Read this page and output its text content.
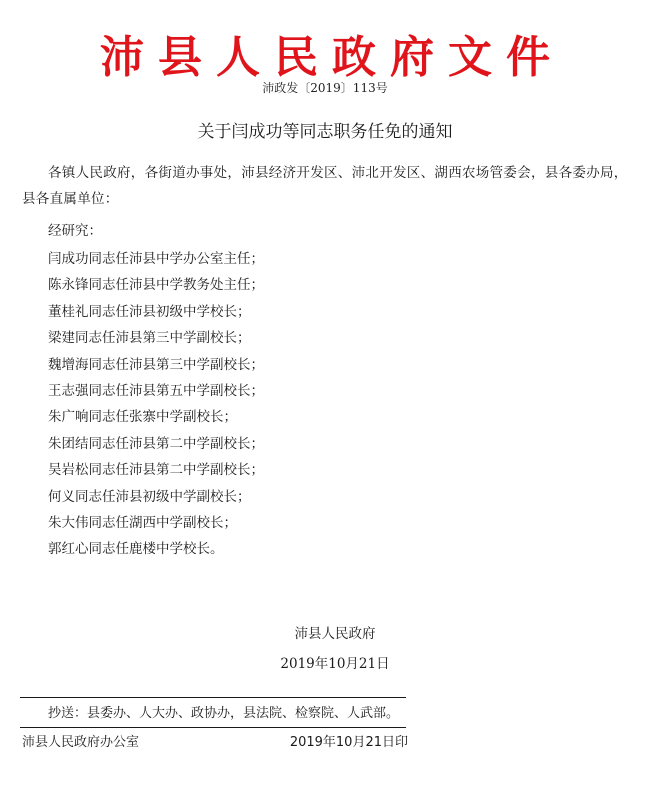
沛县人民政府文件
沛政发〔2019〕113号
关于闫成功等同志职务任免的通知

各镇人民政府，各街道办事处，沛县经济开发区、沛北开发区、湖西农场管委会，县各委办局，县各直属单位：

经研究：
闫成功同志任沛县中学办公室主任；
陈永锋同志任沛县中学教务处主任；
董桂礼同志任沛县初级中学校长；
梁建同志任沛县第三中学副校长；
魏增海同志任沛县第三中学副校长；
王志强同志任沛县第五中学副校长；
朱广响同志任张寨中学副校长；
朱团结同志任沛县第二中学副校长；
吴岩松同志任沛县第二中学副校长；
何义同志任沛县初级中学副校长；
朱大伟同志任湖西中学副校长；
郭红心同志任鹿楼中学校长。
沛县人民政府
2019年10月21日
抄送：县委办、人大办、政协办，县法院、检察院、人武部。
沛县人民政府办公室	2019年10月21日印
